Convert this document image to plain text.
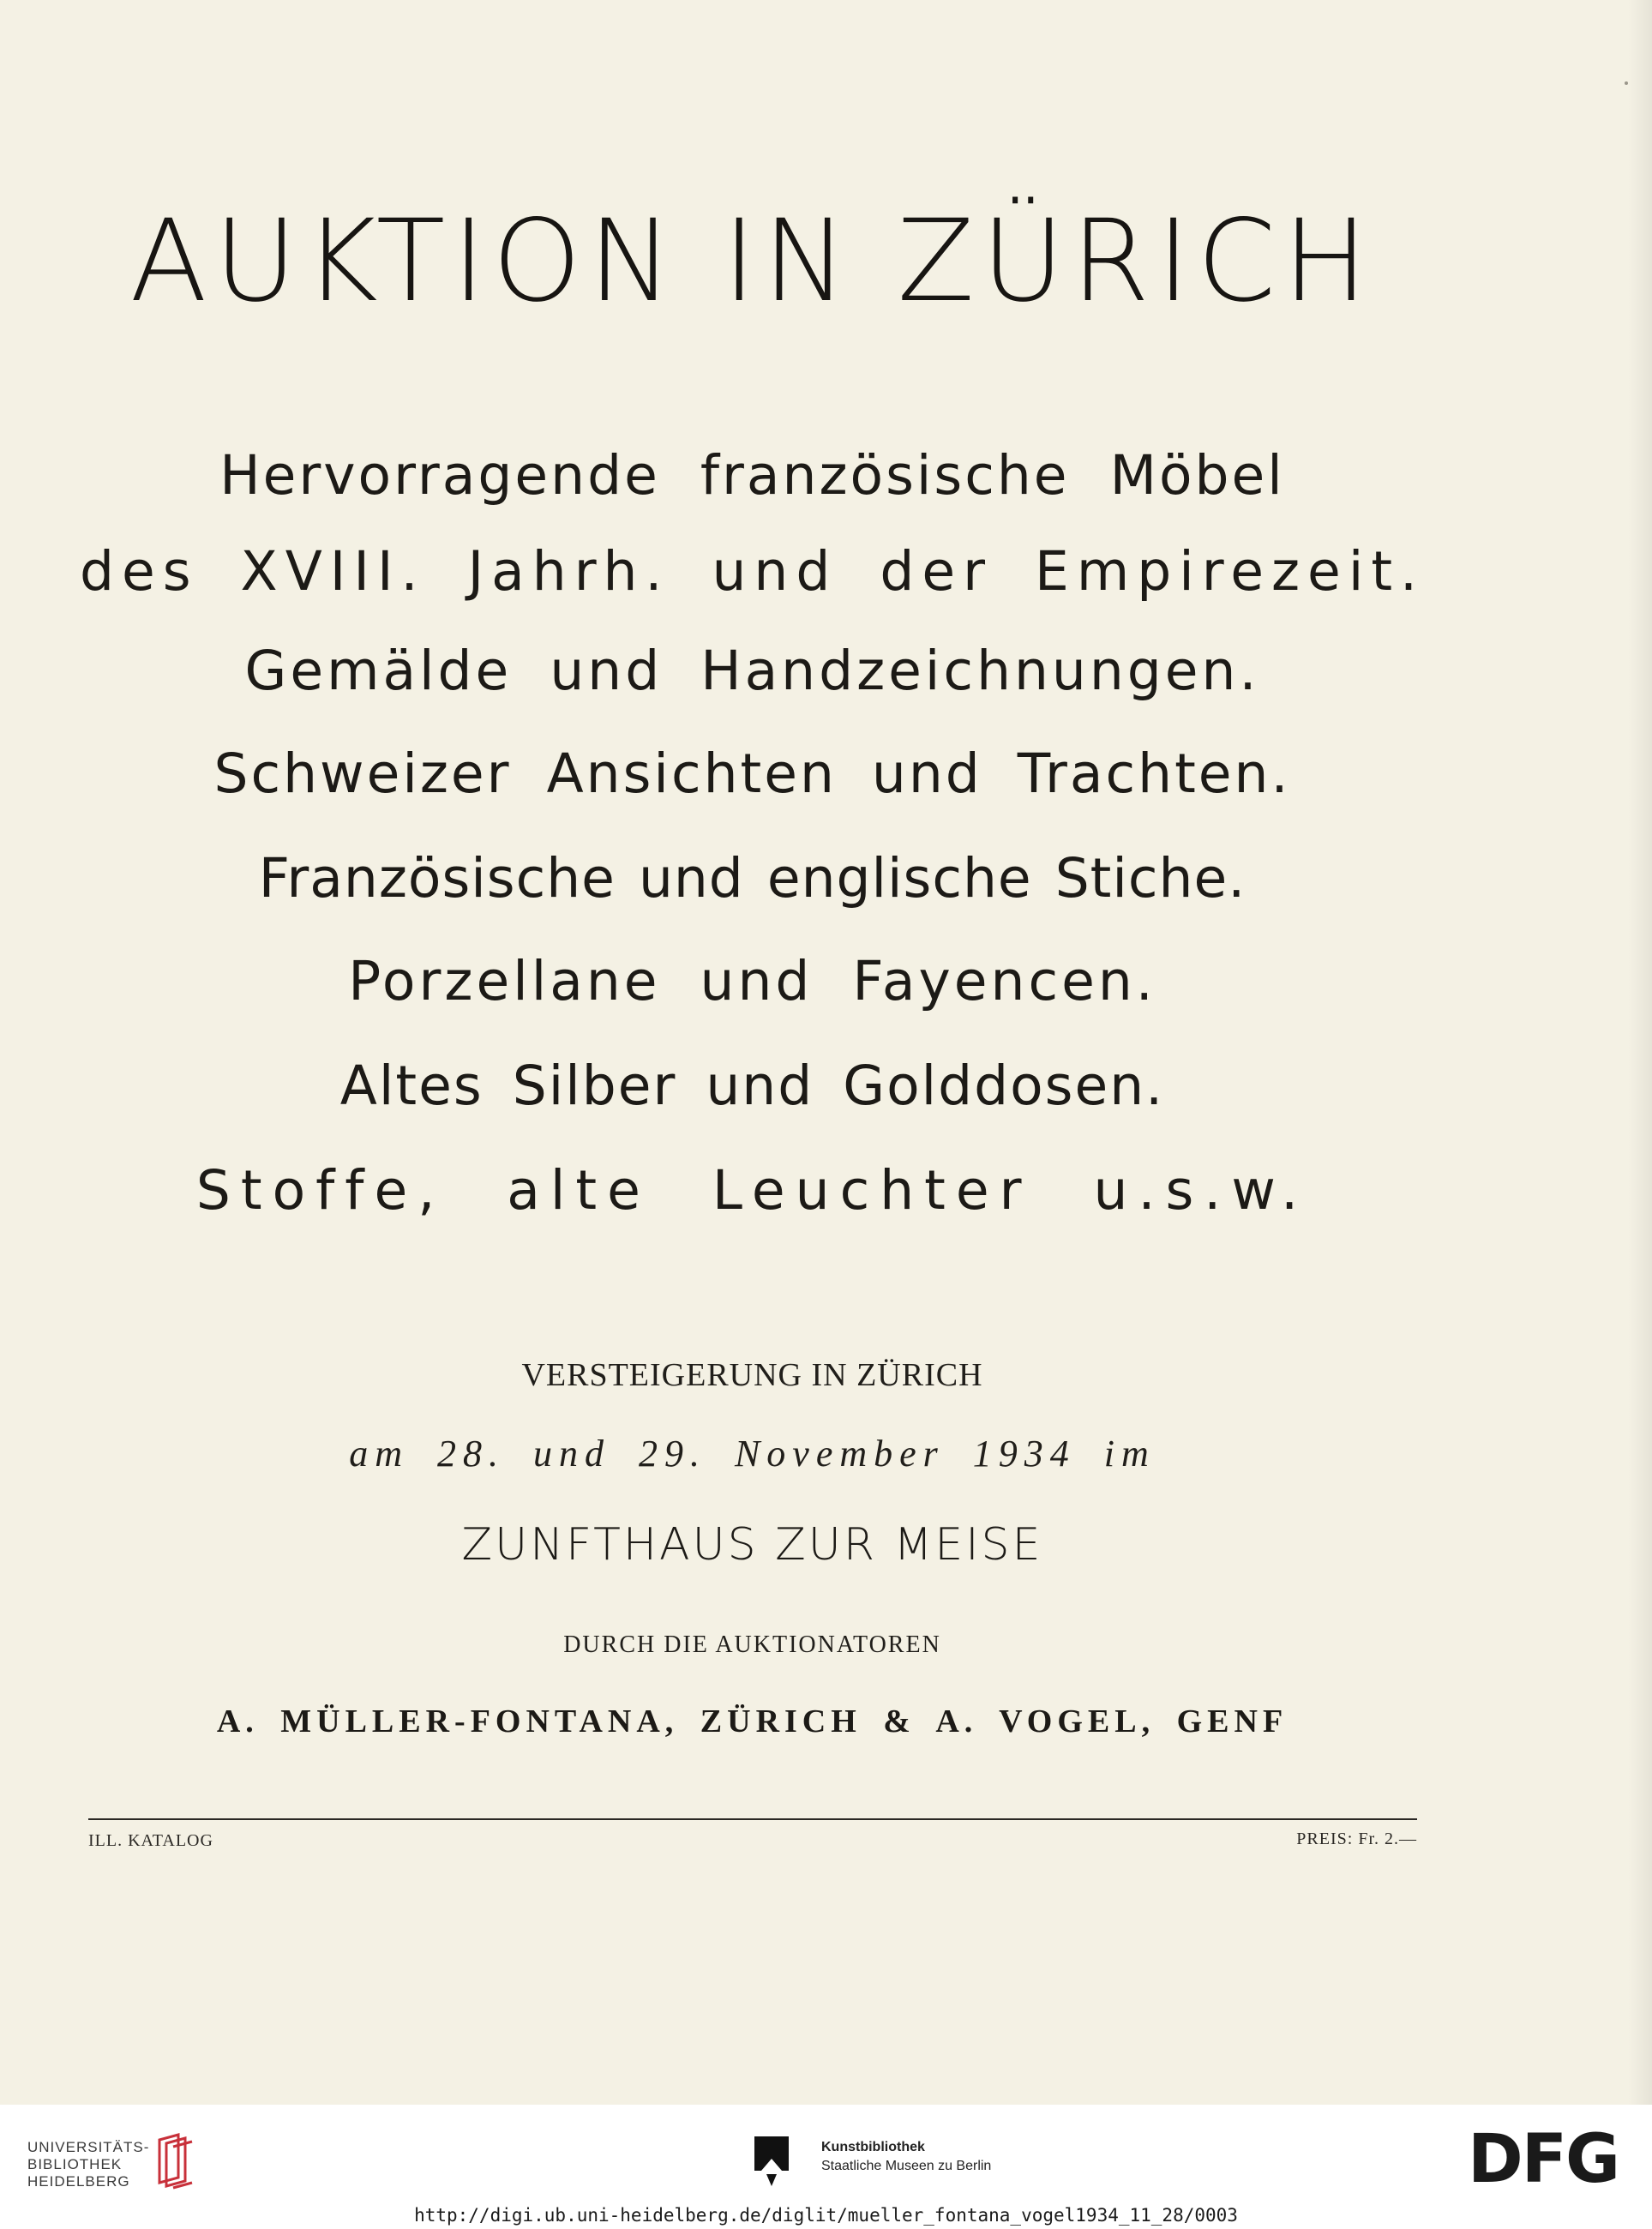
AUKTION IN ZÜRICH
Hervorragende französische Möbel
des XVIII. Jahrh. und der Empirezeit.
Gemälde und Handzeichnungen.
Schweizer Ansichten und Trachten.
Französische und englische Stiche.
Porzellane und Fayencen.
Altes Silber und Golddosen.
Stoffe, alte Leuchter u.s.w.
VERSTEIGERUNG IN ZÜRICH
am 28. und 29. November 1934 im
ZUNFTHAUS ZUR MEISE
DURCH DIE AUKTIONATOREN
A. MÜLLER-FONTANA, ZÜRICH & A. VOGEL, GENF
ILL. KATALOG	PREIS: Fr. 2.—
UNIVERSITÄTS-
BIBLIOTHEK
HEIDELBERG
Kunstbibliothek
Staatliche Museen zu Berlin	DFG
http://digi.ub.uni-heidelberg.de/diglit/mueller_fontana_vogel1934_11_28/0003
